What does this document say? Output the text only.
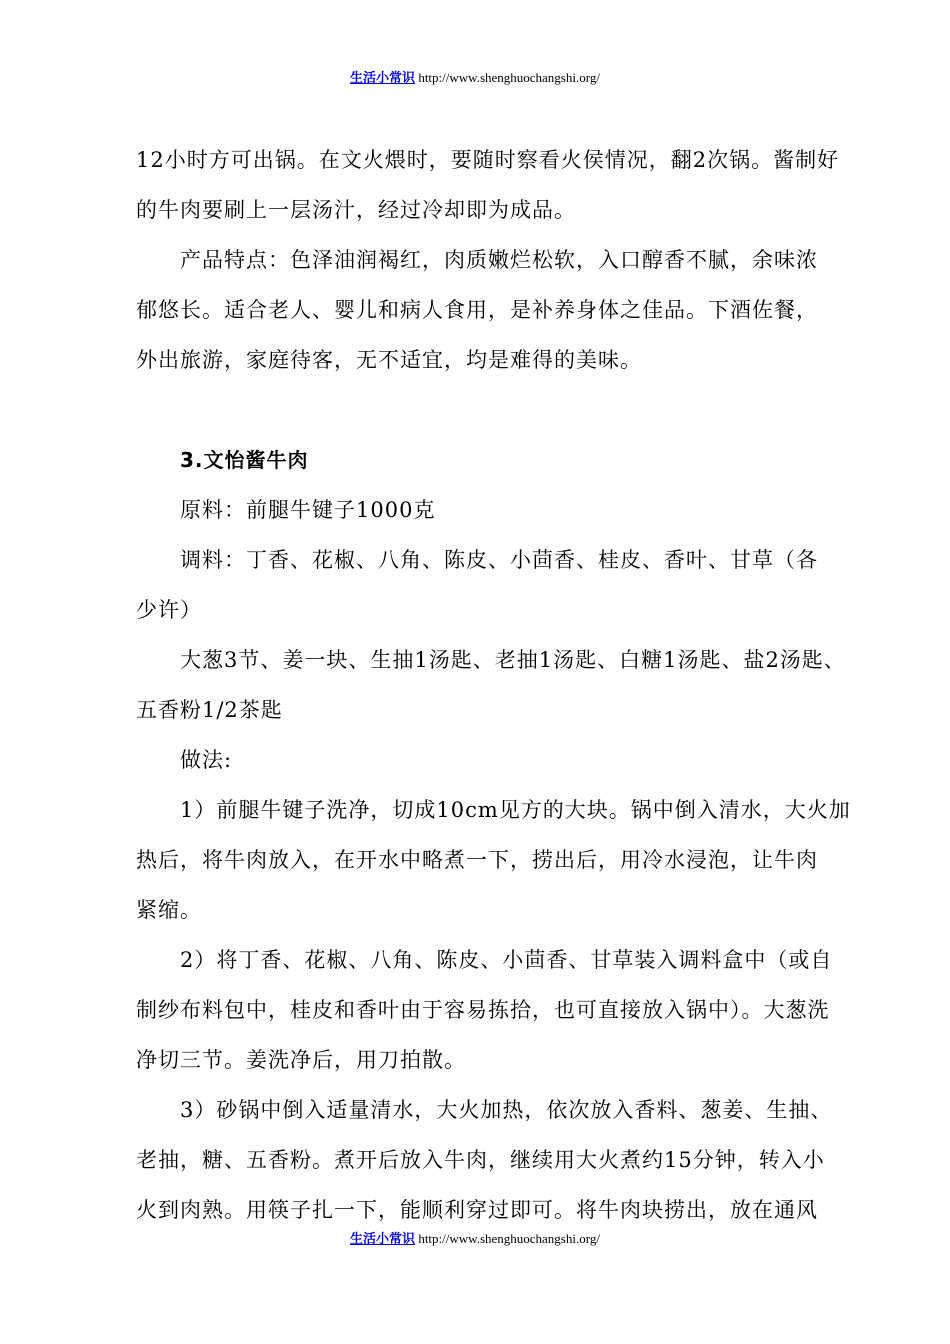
生活小常识 http://www.shenghuochangshi.org/
12小时方可出锅。在文火煨时，要随时察看火侯情况，翻2次锅。酱制好
的牛肉要刷上一层汤汁，经过冷却即为成品。
产品特点：色泽油润褐红，肉质嫩烂松软，入口醇香不腻，余味浓
郁悠长。适合老人、婴儿和病人食用，是补养身体之佳品。下酒佐餐，
外出旅游，家庭待客，无不适宜，均是难得的美味。
3.文怡酱牛肉
原料：前腿牛键子1000克
调料：丁香、花椒、八角、陈皮、小茴香、桂皮、香叶、甘草（各
少许）
大葱3节、姜一块、生抽1汤匙、老抽1汤匙、白糖1汤匙、盐2汤匙、
五香粉1/2茶匙
做法:
1）前腿牛键子洗净，切成10cm见方的大块。锅中倒入清水，大火加
热后，将牛肉放入，在开水中略煮一下，捞出后，用冷水浸泡，让牛肉
紧缩。
2）将丁香、花椒、八角、陈皮、小茴香、甘草装入调料盒中（或自
制纱布料包中，桂皮和香叶由于容易拣拾，也可直接放入锅中）。大葱洗
净切三节。姜洗净后，用刀拍散。
3）砂锅中倒入适量清水，大火加热，依次放入香料、葱姜、生抽、
老抽，糖、五香粉。煮开后放入牛肉，继续用大火煮约15分钟，转入小
火到肉熟。用筷子扎一下，能顺利穿过即可。将牛肉块捞出，放在通风
生活小常识 http://www.shenghuochangshi.org/
